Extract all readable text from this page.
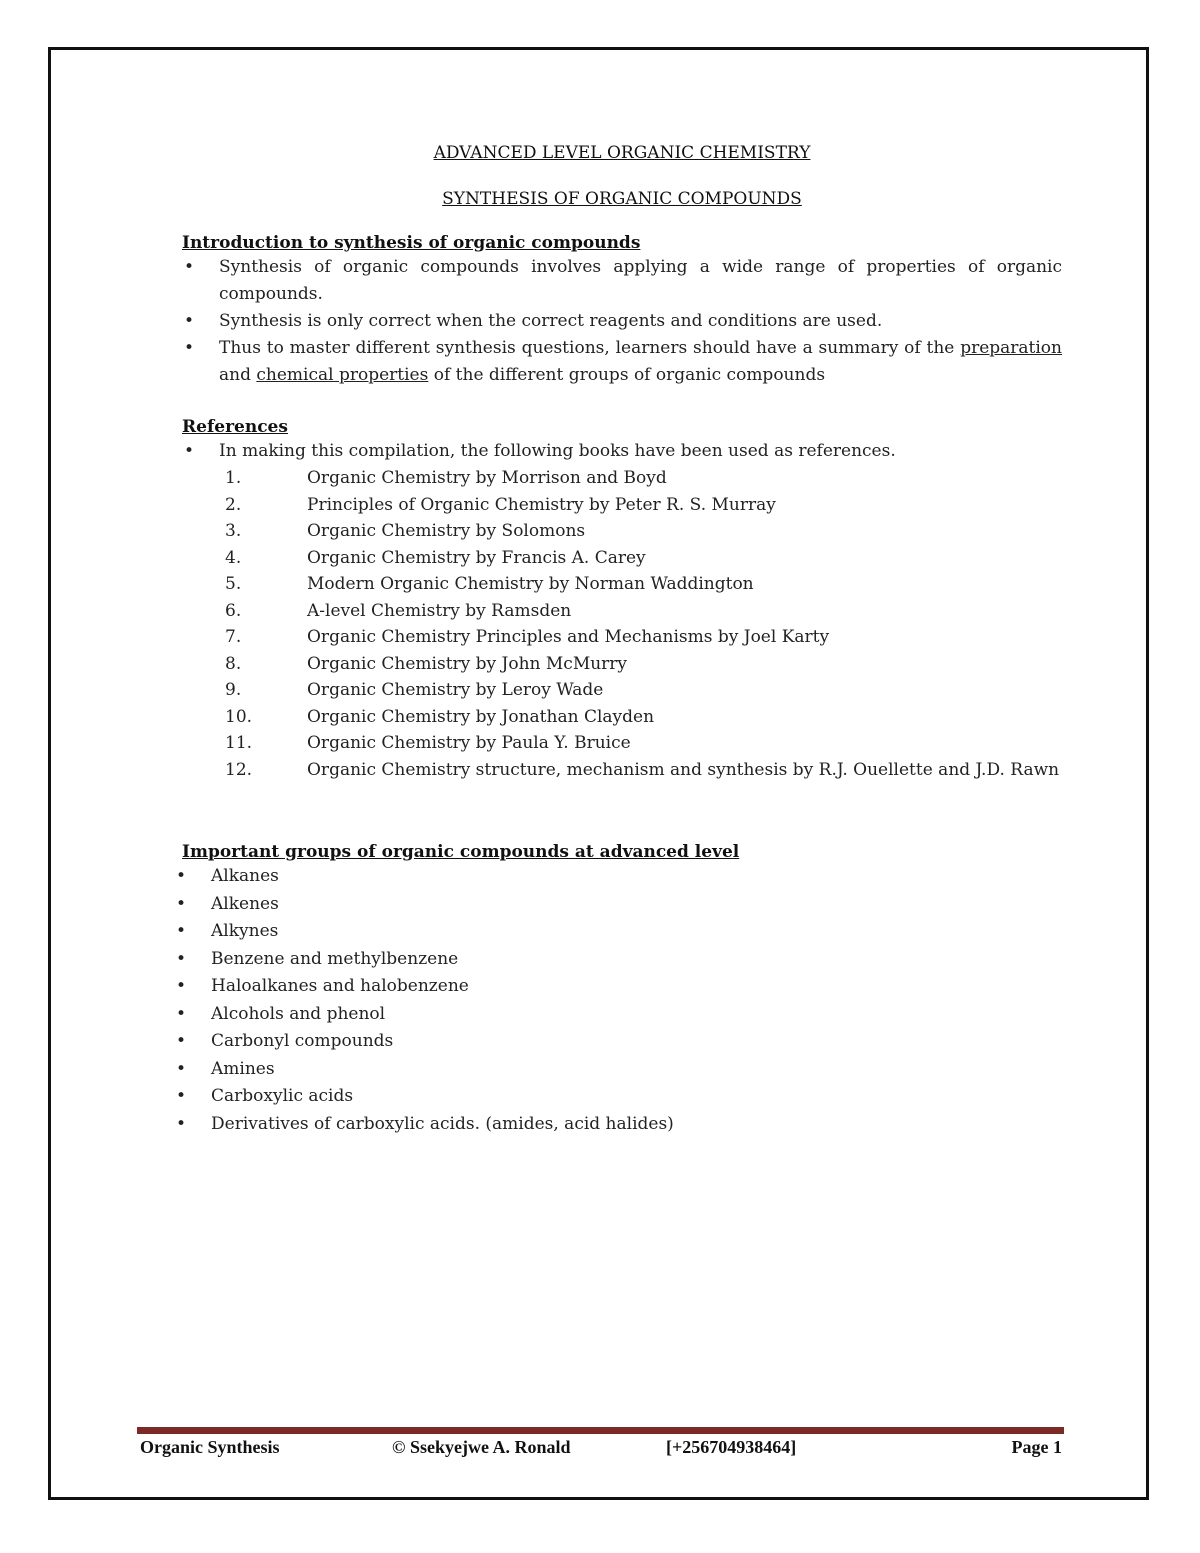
ADVANCED LEVEL ORGANIC CHEMISTRY

SYNTHESIS OF ORGANIC COMPOUNDS

Introduction to synthesis of organic compounds

• Synthesis of organic compounds involves applying a wide range of properties of organic compounds.
• Synthesis is only correct when the correct reagents and conditions are used.
• Thus to master different synthesis questions, learners should have a summary of the preparation and chemical properties of the different groups of organic compounds

References

• In making this compilation, the following books have been used as references.
1.	Organic Chemistry by Morrison and Boyd
2.	Principles of Organic Chemistry by Peter R. S. Murray
3.	Organic Chemistry by Solomons
4.	Organic Chemistry by Francis A. Carey
5.	Modern Organic Chemistry by Norman Waddington
6.	A-level Chemistry by Ramsden
7.	Organic Chemistry Principles and Mechanisms by Joel Karty
8.	Organic Chemistry by John McMurry
9.	Organic Chemistry by Leroy Wade
10.	Organic Chemistry by Jonathan Clayden
11.	Organic Chemistry by Paula Y. Bruice
12.	Organic Chemistry structure, mechanism and synthesis by R.J. Ouellette and J.D. Rawn

Important groups of organic compounds at advanced level

• Alkanes
• Alkenes
• Alkynes
• Benzene and methylbenzene
• Haloalkanes and halobenzene
• Alcohols and phenol
• Carbonyl compounds
• Amines
• Carboxylic acids
• Derivatives of carboxylic acids. (amides, acid halides)
Organic Synthesis	© Ssekyejwe A. Ronald	[+256704938464]	Page 1
